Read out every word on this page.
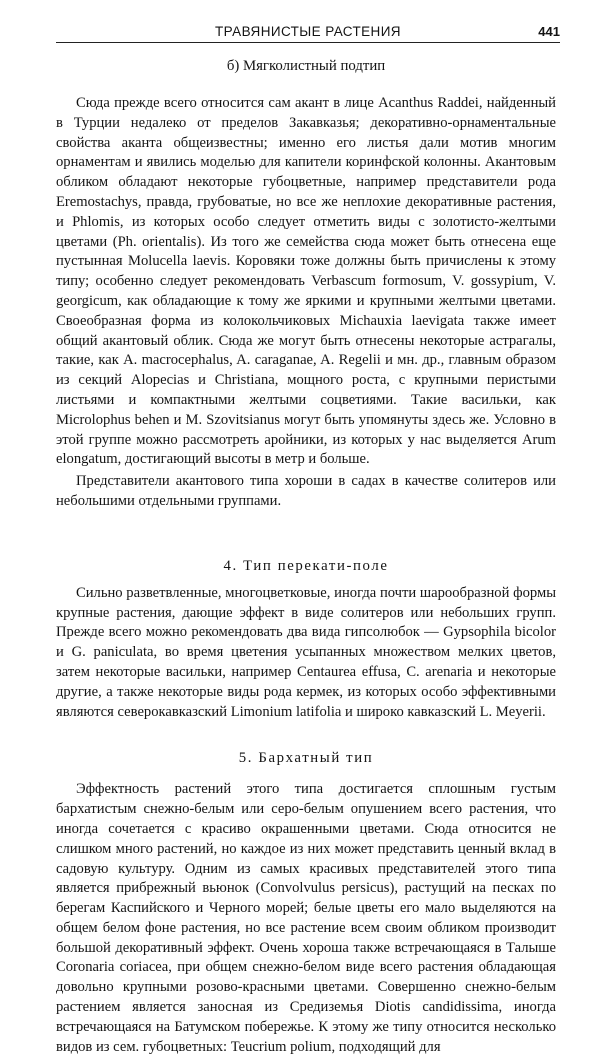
ТРАВЯНИСТЫЕ РАСТЕНИЯ	441
б) Мягколистный подтип

Сюда прежде всего относится сам акант в лице Acanthus Raddei, найденный в Турции недалеко от пределов Закавказья; декоративно-орнаментальные свойства аканта общеизвестны; именно его листья дали мотив многим орнаментам и явились моделью для капители коринфской колонны. Акантовым обликом обладают некоторые губоцветные, например представители рода Eremostachys, правда, грубоватые, но все же неплохие декоративные растения, и Phlomis, из которых особо следует отметить виды с золотисто-желтыми цветами (Ph. orientalis). Из того же семейства сюда может быть отнесена еще пустынная Molucella laevis. Коровяки тоже должны быть причислены к этому типу; особенно следует рекомендовать Verbascum formosum, V. gossypium, V. georgicum, как обладающие к тому же яркими и крупными желтыми цветами. Своеобразная форма из колокольчиковых Michauxia laevigata также имеет общий акантовый облик. Сюда же могут быть отнесены некоторые астрагалы, такие, как A. macrocephalus, A. caraganae, A. Regelii и мн. др., главным образом из секций Alopecias и Christiana, мощного роста, с крупными перистыми листьями и компактными желтыми соцветиями. Такие васильки, как Microlophus behen и M. Szovitsianus могут быть упомянуты здесь же. Условно в этой группе можно рассмотреть аройники, из которых у нас выделяется Arum elongatum, достигающий высоты в метр и больше.

Представители акантового типа хороши в садах в качестве солитеров или небольшими отдельными группами.

4. Тип перекати-поле

Сильно разветвленные, многоцветковые, иногда почти шарообразной формы крупные растения, дающие эффект в виде солитеров или небольших групп. Прежде всего можно рекомендовать два вида гипсолюбок — Gypsophila bicolor и G. paniculata, во время цветения усыпанных множеством мелких цветов, затем некоторые васильки, например Centaurea effusa, C. arenaria и некоторые другие, а также некоторые виды рода кермек, из которых особо эффективными являются северокавказский Limonium latifolia и широко кавказский L. Meyerii.

5. Бархатный тип

Эффектность растений этого типа достигается сплошным густым бархатистым снежно-белым или серо-белым опушением всего растения, что иногда сочетается с красиво окрашенными цветами. Сюда относится не слишком много растений, но каждое из них может представить ценный вклад в садовую культуру. Одним из самых красивых представителей этого типа является прибрежный вьюнок (Convolvulus persicus), растущий на песках по берегам Каспийского и Черного морей; белые цветы его мало выделяются на общем белом фоне растения, но все растение всем своим обликом производит большой декоративный эффект. Очень хороша также встречающаяся в Талыше Coronaria coriacea, при общем снежно-белом виде всего растения обладающая довольно крупными розово-красными цветами. Совершенно снежно-белым растением является заносная из Средиземья Diotis candidissima, иногда встречающаяся на Батумском побережье. К этому же типу относится несколько видов из сем. губоцветных: Teucrium polium, подходящий для
